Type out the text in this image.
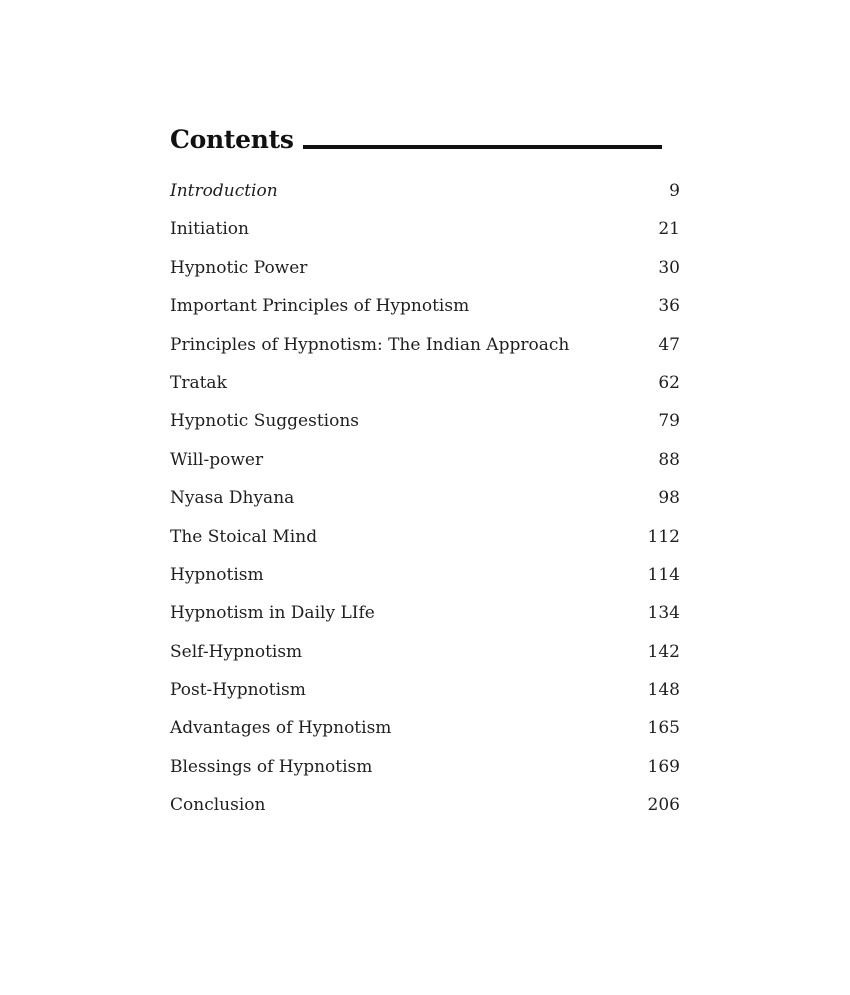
Contents
Introduction	9
Initiation	21
Hypnotic Power	30
Important Principles of Hypnotism	36
Principles of Hypnotism: The Indian Approach	47
Tratak	62
Hypnotic Suggestions	79
Will-power	88
Nyasa Dhyana	98
The Stoical Mind	112
Hypnotism	114
Hypnotism in Daily LIfe	134
Self-Hypnotism	142
Post-Hypnotism	148
Advantages of Hypnotism	165
Blessings of Hypnotism	169
Conclusion	206
